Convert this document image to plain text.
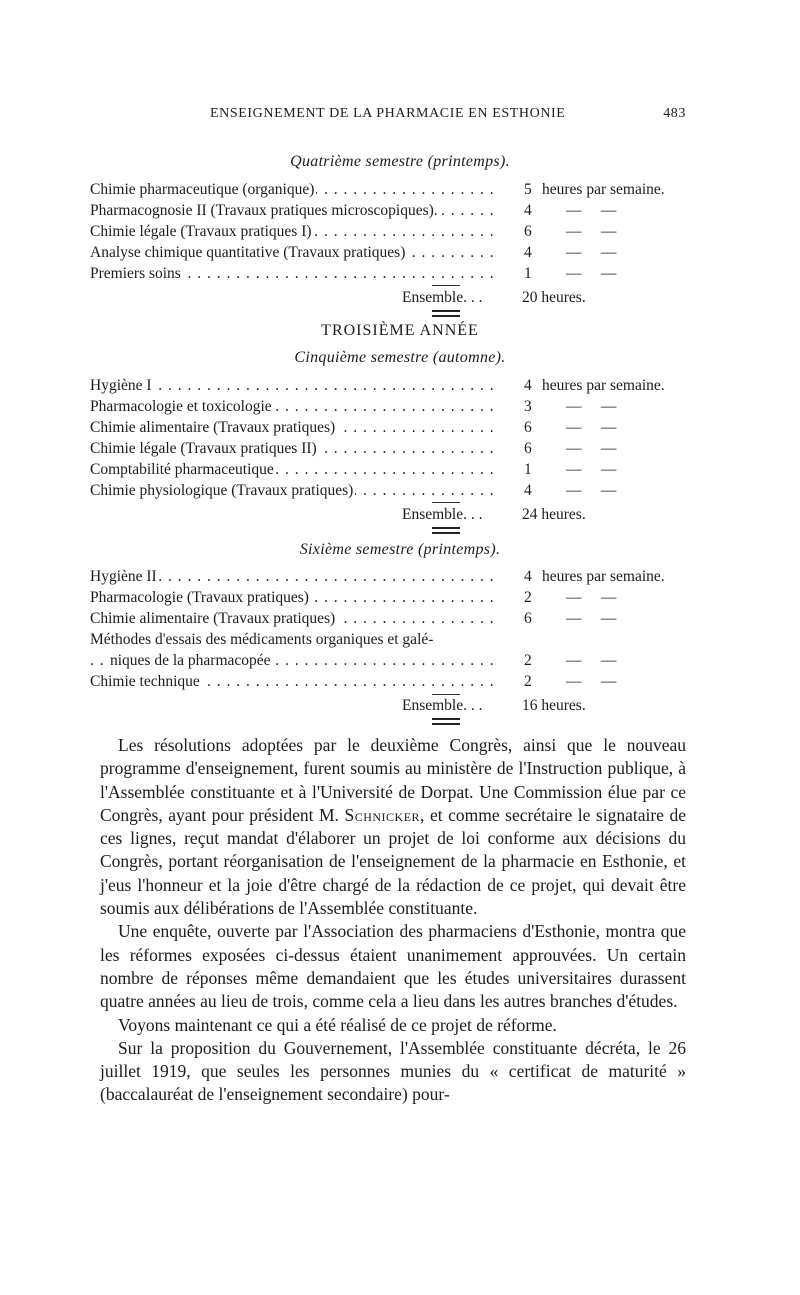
ENSEIGNEMENT DE LA PHARMACIE EN ESTHONIE	483
Quatrième semestre (printemps).
Chimie pharmaceutique (organique) . . .	5 heures par semaine.
Pharmacognosie II (Travaux pratiques microscopiques). . . .	4	—     —
Chimie légale (Travaux pratiques I) . . .	6	—     —
Analyse chimique quantitative (Travaux pratiques) . . .	4	—     —
Premiers soins . . .	1	—     —
Ensemble. . .	20 heures.
TROISIÈME ANNÉE
Cinquième semestre (automne).
Hygiène I . . .	4 heures par semaine.
Pharmacologie et toxicologie . . .	3	—     —
Chimie alimentaire (Travaux pratiques) . . .	6	—     —
Chimie légale (Travaux pratiques II) . . .	6	—     —
Comptabilité pharmaceutique . . .	1	—     —
Chimie physiologique (Travaux pratiques) . . .	4	—     —
Ensemble. . .	24 heures.
Sixième semestre (printemps).
Hygiène II . . .	4 heures par semaine.
Pharmacologie (Travaux pratiques) . . .	2	—     —
Chimie alimentaire (Travaux pratiques) . . .	6	—     —
Méthodes d'essais des médicaments organiques et galé-
niques de la pharmacopée . . .	2	—     —
Chimie technique . . .	2	—     —
Ensemble. . .	16 heures.

Les résolutions adoptées par le deuxième Congrès, ainsi que le nouveau programme d'enseignement, furent soumis au ministère de l'Instruction publique, à l'Assemblée constituante et à l'Université de Dorpat. Une Commission élue par ce Congrès, ayant pour président M. Schnicker, et comme secrétaire le signataire de ces lignes, reçut mandat d'élaborer un projet de loi conforme aux décisions du Congrès, portant réorganisation de l'enseignement de la pharmacie en Esthonie, et j'eus l'honneur et la joie d'être chargé de la rédaction de ce projet, qui devait être soumis aux délibérations de l'Assemblée constituante.

Une enquête, ouverte par l'Association des pharmaciens d'Esthonie, montra que les réformes exposées ci-dessus étaient unanimement approuvées. Un certain nombre de réponses même demandaient que les études universitaires durassent quatre années au lieu de trois, comme cela a lieu dans les autres branches d'études.

Voyons maintenant ce qui a été réalisé de ce projet de réforme.

Sur la proposition du Gouvernement, l'Assemblée constituante décréta, le 26 juillet 1919, que seules les personnes munies du « certificat de maturité » (baccalauréat de l'enseignement secondaire) pour-
